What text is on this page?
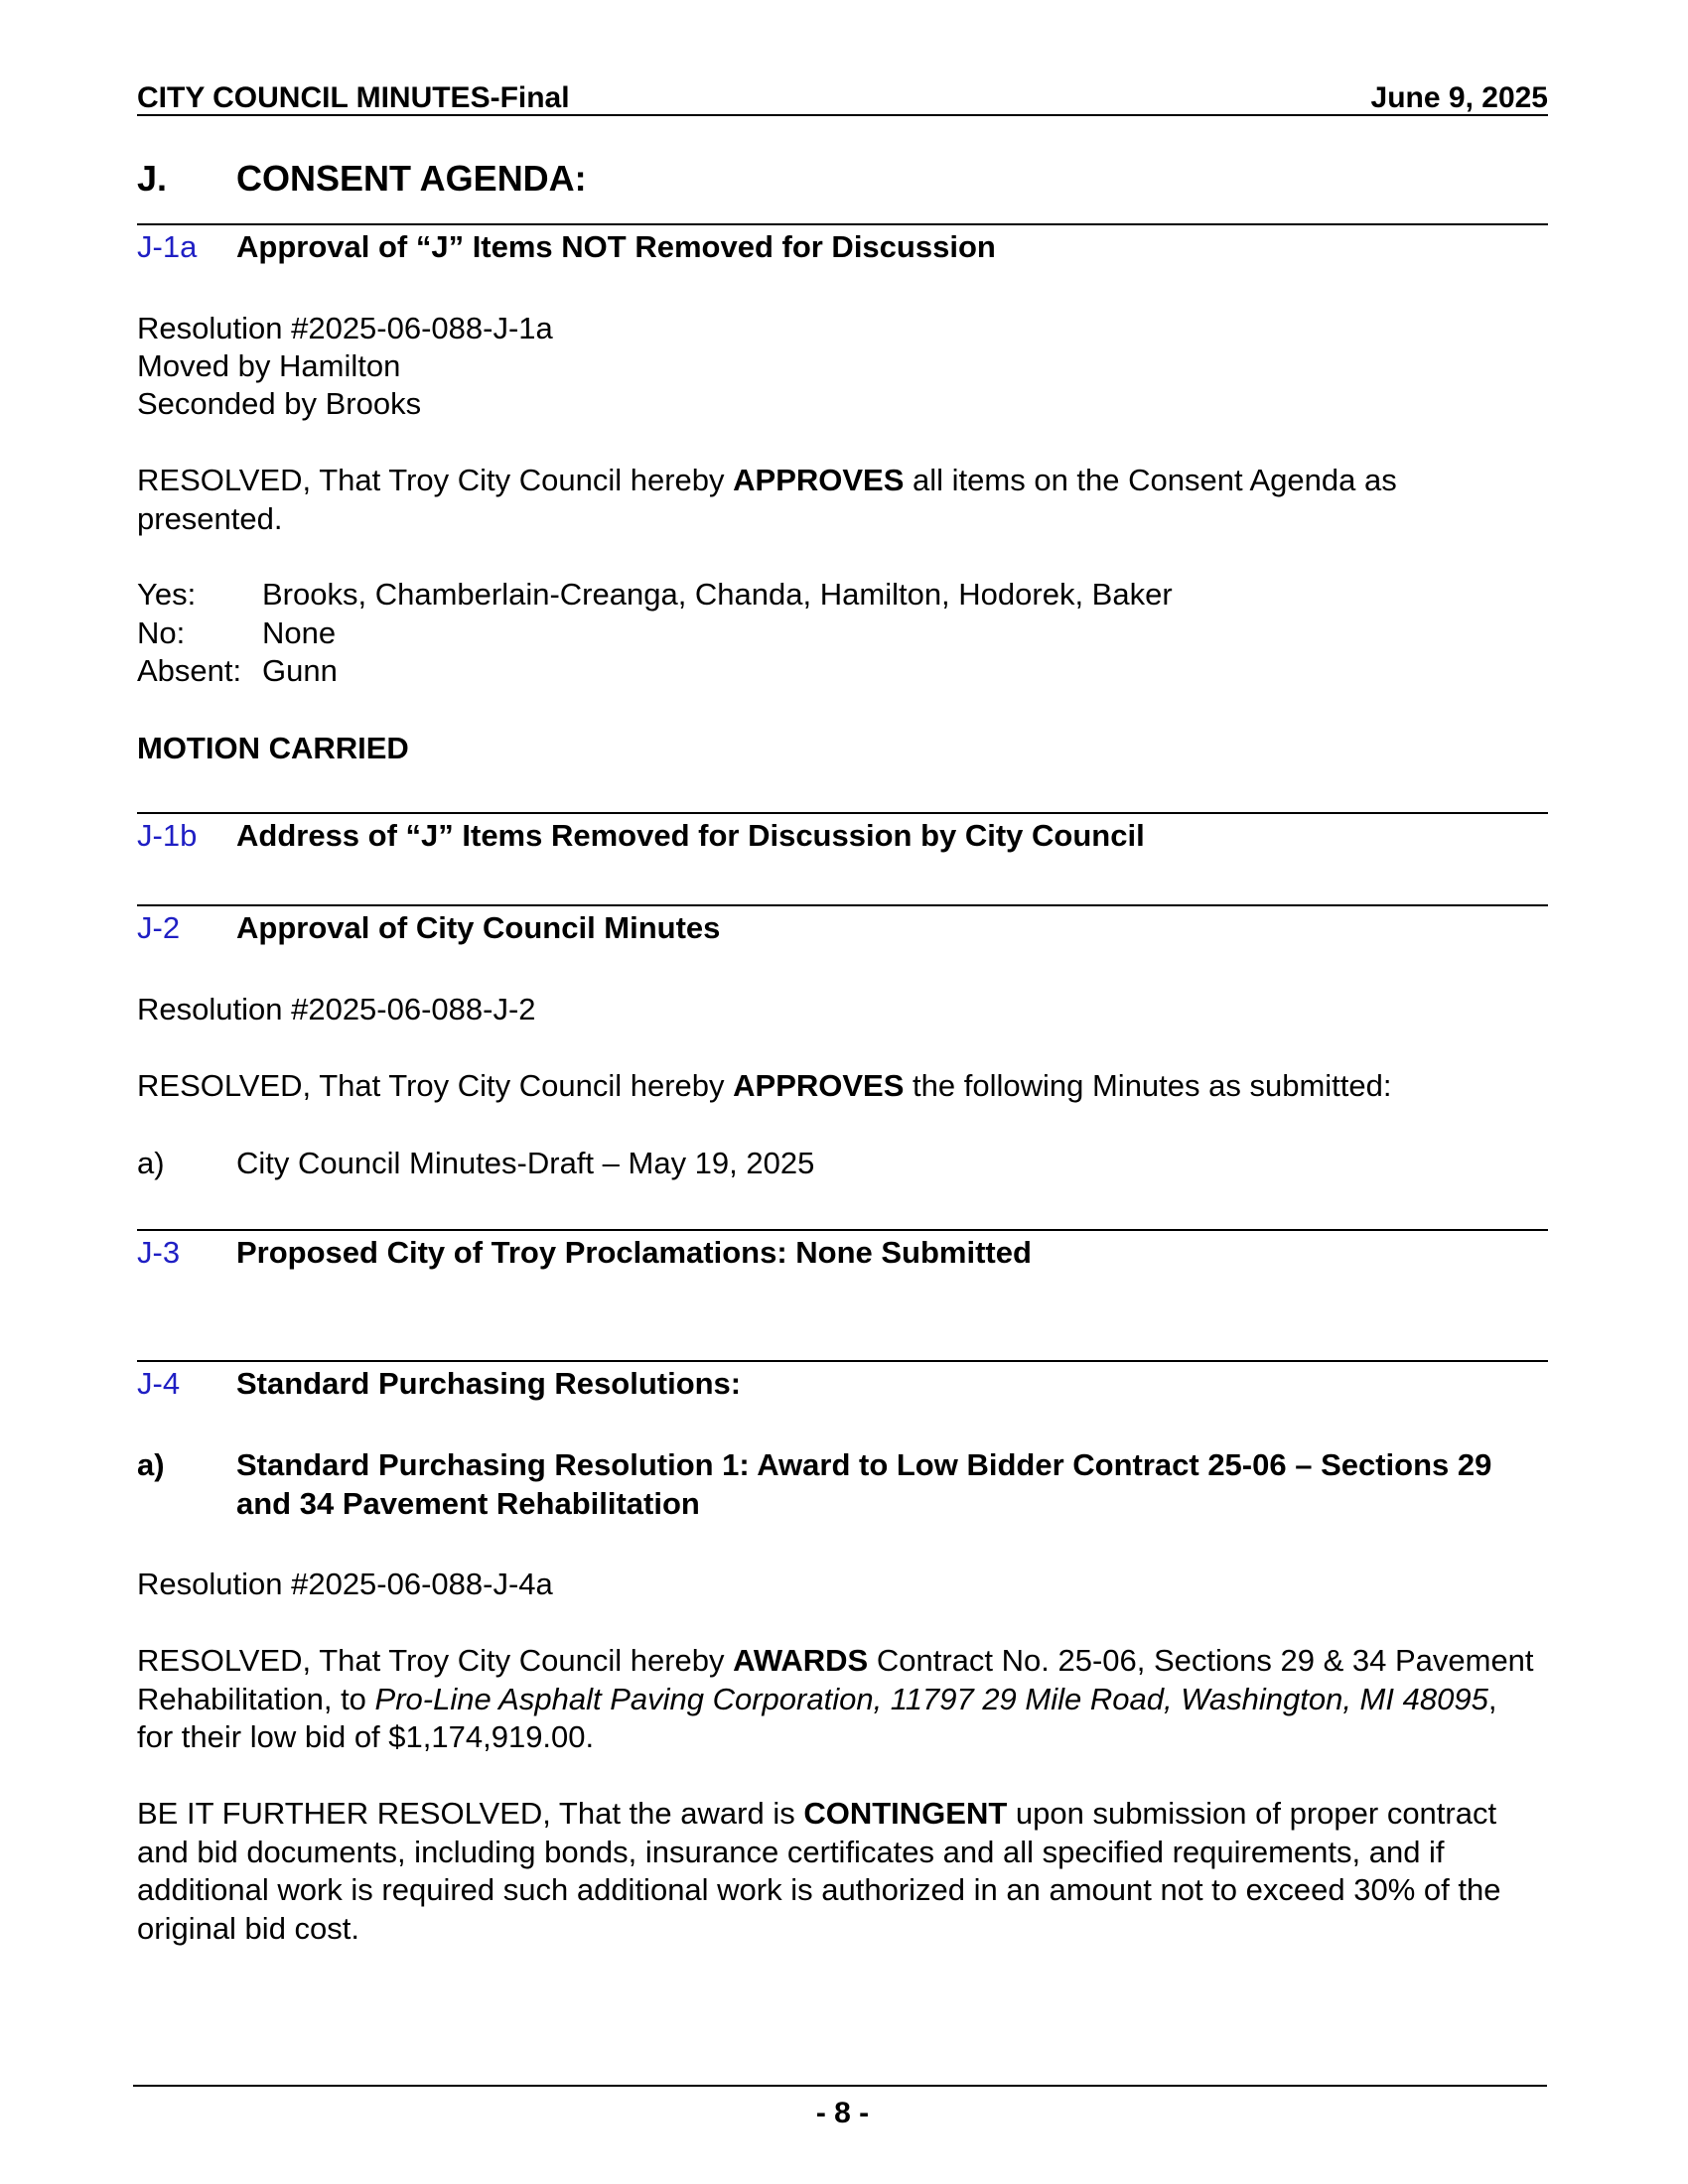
CITY COUNCIL MINUTES-Final	June 9, 2025
J.	CONSENT AGENDA:
J-1a	Approval of “J” Items NOT Removed for Discussion
Resolution #2025-06-088-J-1a
Moved by Hamilton
Seconded by Brooks
RESOLVED, That Troy City Council hereby APPROVES all items on the Consent Agenda as presented.
Yes:	Brooks, Chamberlain-Creanga, Chanda, Hamilton, Hodorek, Baker
No:	None
Absent: Gunn
MOTION CARRIED
J-1b	Address of “J” Items Removed for Discussion by City Council
J-2	Approval of City Council Minutes
Resolution #2025-06-088-J-2
RESOLVED, That Troy City Council hereby APPROVES the following Minutes as submitted:
a)	City Council Minutes-Draft – May 19, 2025
J-3	Proposed City of Troy Proclamations: None Submitted
J-4	Standard Purchasing Resolutions:
a)	Standard Purchasing Resolution 1: Award to Low Bidder Contract 25-06 – Sections 29 and 34 Pavement Rehabilitation
Resolution #2025-06-088-J-4a
RESOLVED, That Troy City Council hereby AWARDS Contract No. 25-06, Sections 29 & 34 Pavement Rehabilitation, to Pro-Line Asphalt Paving Corporation, 11797 29 Mile Road, Washington, MI 48095, for their low bid of $1,174,919.00.
BE IT FURTHER RESOLVED, That the award is CONTINGENT upon submission of proper contract and bid documents, including bonds, insurance certificates and all specified requirements, and if additional work is required such additional work is authorized in an amount not to exceed 30% of the original bid cost.
- 8 -
